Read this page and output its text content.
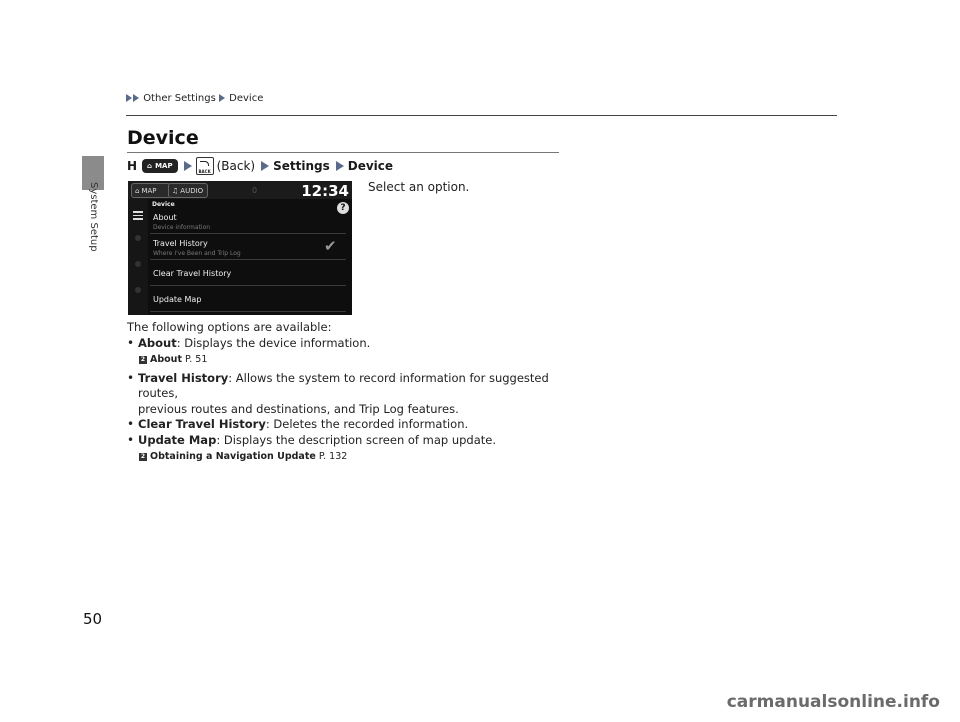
Other Settings Device
System Setup
Device
H ⌂ MAP
BACK	(Back) Settings Device
⌂ MAP ♫ AUDIO	0	12:34
Device	?
About
Device information
Travel History
Where I've Been and Trip Log	✔
Clear Travel History
Update Map
Select an option.

The following options are available:

• About: Displays the device information.
2 About
P. 51
• Travel History: Allows the system to record information for suggested routes,

previous routes and destinations, and Trip Log features.

• Clear Travel History: Deletes the recorded information.
• Update Map: Displays the description screen of map update.
2 Obtaining a Navigation Update
P. 132
50
carmanualsonline.info
